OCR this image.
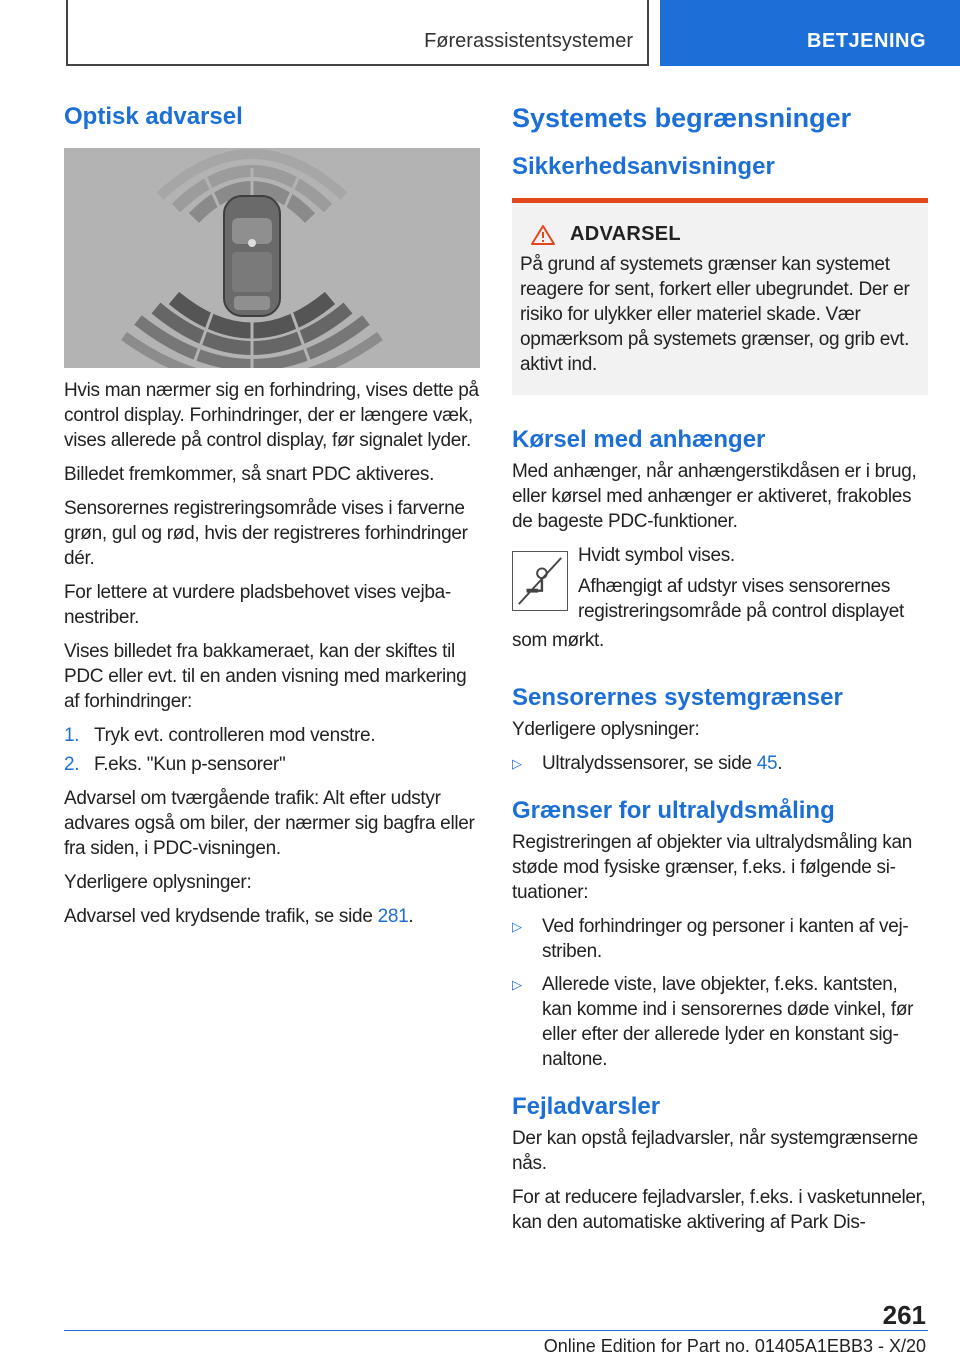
Førerassistentsystemer	BETJENING
Optisk advarsel

Hvis man nærmer sig en forhindring, vises dette på control display. Forhindringer, der er længere væk, vises allerede på control display, før signalet lyder.

Billedet fremkommer, så snart PDC aktiveres.

Sensorernes registreringsområde vises i farverne grøn, gul og rød, hvis der registreres forhindringer dér.

For lettere at vurdere pladsbehovet vises vejbanestriber.

Vises billedet fra bakkameraet, kan der skiftes til PDC eller evt. til en anden visning med markering af forhindringer:

1. Tryk evt. controlleren mod venstre.
2. F.eks. "Kun p-sensorer"

Advarsel om tværgående trafik: Alt efter udstyr advares også om biler, der nærmer sig bagfra eller fra siden, i PDC-visningen.

Yderligere oplysninger:

Advarsel ved krydsende trafik, se side 281.

Systemets begrænsninger
Sikkerhedsanvisninger
ADVARSEL

På grund af systemets grænser kan systemet reagere for sent, forkert eller ubegrundet. Der er risiko for ulykker eller materiel skade. Vær opmærksom på systemets grænser, og grib evt. aktivt ind.

Kørsel med anhænger

Med anhænger, når anhængerstikdåsen er i brug, eller kørsel med anhænger er aktiveret, frakobles de bageste PDC-funktioner.

Hvidt symbol vises.

Afhængigt af udstyr vises sensorernes registreringsområde på control displayet

som mørkt.

Sensorernes systemgrænser

Yderligere oplysninger:

▷	Ultralydssensorer, se side 45.
Grænser for ultralydsmåling

Registreringen af objekter via ultralydsmåling kan støde mod fysiske grænser, f.eks. i følgende situationer:

▷	Ved forhindringer og personer i kanten af vejstriben.
▷	Allerede viste, lave objekter, f.eks. kantsten, kan komme ind i sensorernes døde vinkel, før eller efter der allerede lyder en konstant signaltone.
Fejladvarsler

Der kan opstå fejladvarsler, når systemgrænserne nås.

For at reducere fejladvarsler, f.eks. i vasketunneler, kan den automatiske aktivering af Park Dis-

261
Online Edition for Part no. 01405A1EBB3 - X/20
